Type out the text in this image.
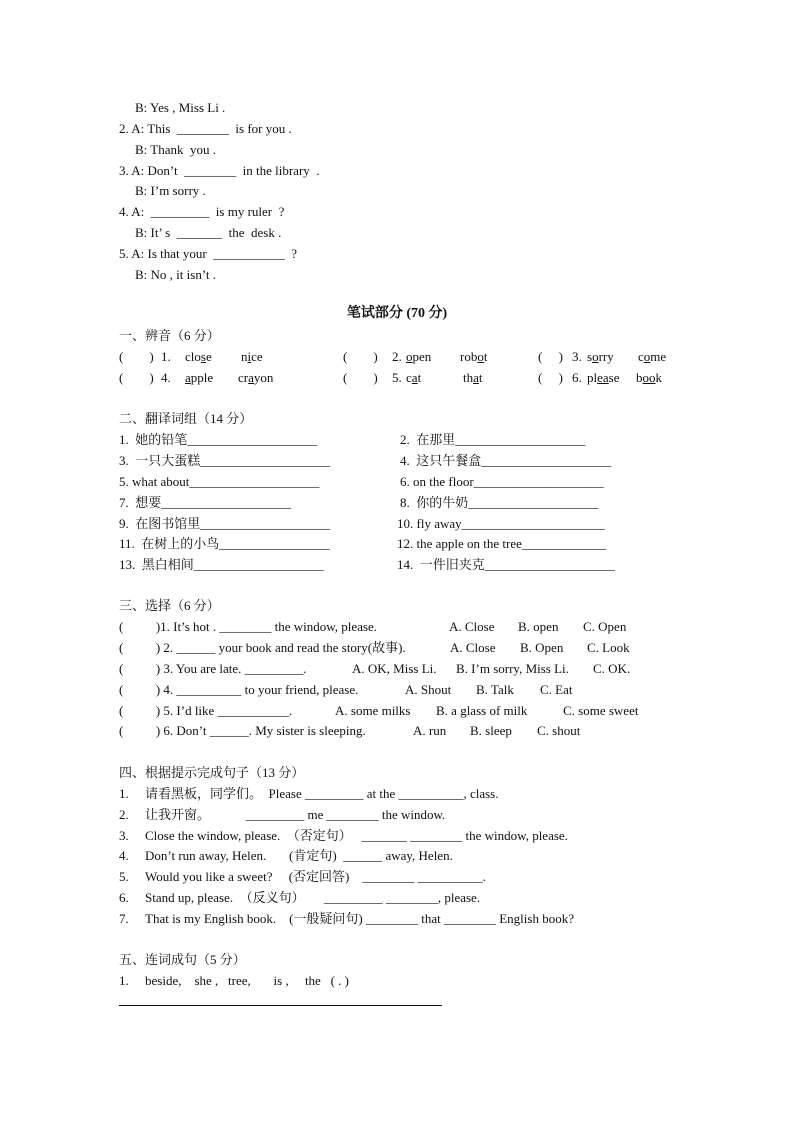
B: Yes , Miss Li .
2. A: This  ________  is for you .
B: Thank  you .
3. A: Don’t  ________  in the library  .
B: I’m sorry .
4. A:  _________  is my ruler  ?
B: It’ s  _______  the  desk .
5. A: Is that your  ___________  ?
B: No , it isn’t .
笔试部分 (70 分)
一、辨音（6 分）
(        ) 1. close nice	(        ) 2. open robot	(     ) 3. sorry come
(        ) 4. apple crayon	(        ) 5. cat	that	(     ) 6. please book
二、翻译词组（14 分）
1.  她的铅笔____________________	2.  在那里____________________
3.  一只大蛋糕____________________	4.  这只午餐盒____________________
5. what about____________________	6. on the floor____________________
7.  想要____________________	8.  你的牛奶____________________
9.  在图书馆里____________________	10. fly away______________________
11.  在树上的小鸟_________________	12. the apple on the tree_____________
13.  黑白相间____________________	14.  一件旧夹克____________________
三、选择（6 分）
(          )1. It’s hot . ________ the window, please.	A. Close B. open C. Open
(          ) 2. ______ your book and read the story(故事).	A. Close B. Open C. Look
(          ) 3. You are late. _________.	A. OK, Miss Li. B. I’m sorry, Miss Li. C. OK.
(          ) 4. __________ to your friend, please.	A. Shout B. Talk C. Eat
(          ) 5. I’d like ___________.	A. some milks B. a glass of milk	C. some sweet
(          ) 6. Don’t ______. My sister is sleeping.	A. run B. sleep C. shout
四、根据提示完成句子（13 分）
1. 请看黑板，同学们。  Please _________ at the __________, class.
2. 让我开窗。           _________ me ________ the window.
3. Close the window, please.  （否定句）   _______ ________ the window, please.
4. Don’t run away, Helen.       (肯定句)  ______ away, Helen.
5. Would you like a sweet?     (否定回答)    ________ __________.
6. Stand up, please.  （反义句）      _________ ________, please.
7. That is my English book.    (一般疑问句) ________ that ________ English book?
五、连词成句（5 分）
1. beside,    she ,   tree,       is ,     the   ( . )
